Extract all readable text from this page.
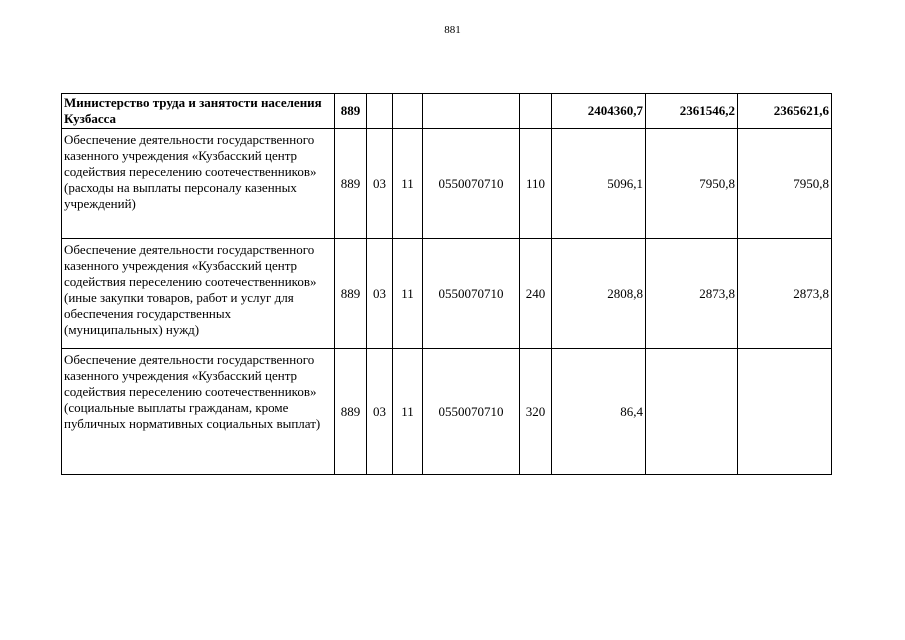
881
Министерство труда и занятости населения Кузбасса	889					2404360,7	2361546,2	2365621,6
Обеспечение деятельности государственного казенного учреждения «Кузбасский центр содействия переселению соотечественников» (расходы на выплаты персоналу казенных учреждений)	889	03	11	0550070710	110	5096,1	7950,8	7950,8
Обеспечение деятельности государственного казенного учреждения «Кузбасский центр содействия переселению соотечественников» (иные закупки товаров, работ и услуг для обеспечения государственных (муниципальных) нужд)	889	03	11	0550070710	240	2808,8	2873,8	2873,8
Обеспечение деятельности государственного казенного учреждения «Кузбасский центр содействия переселению соотечественников» (социальные выплаты гражданам, кроме публичных нормативных социальных выплат)	889	03	11	0550070710	320	86,4		
